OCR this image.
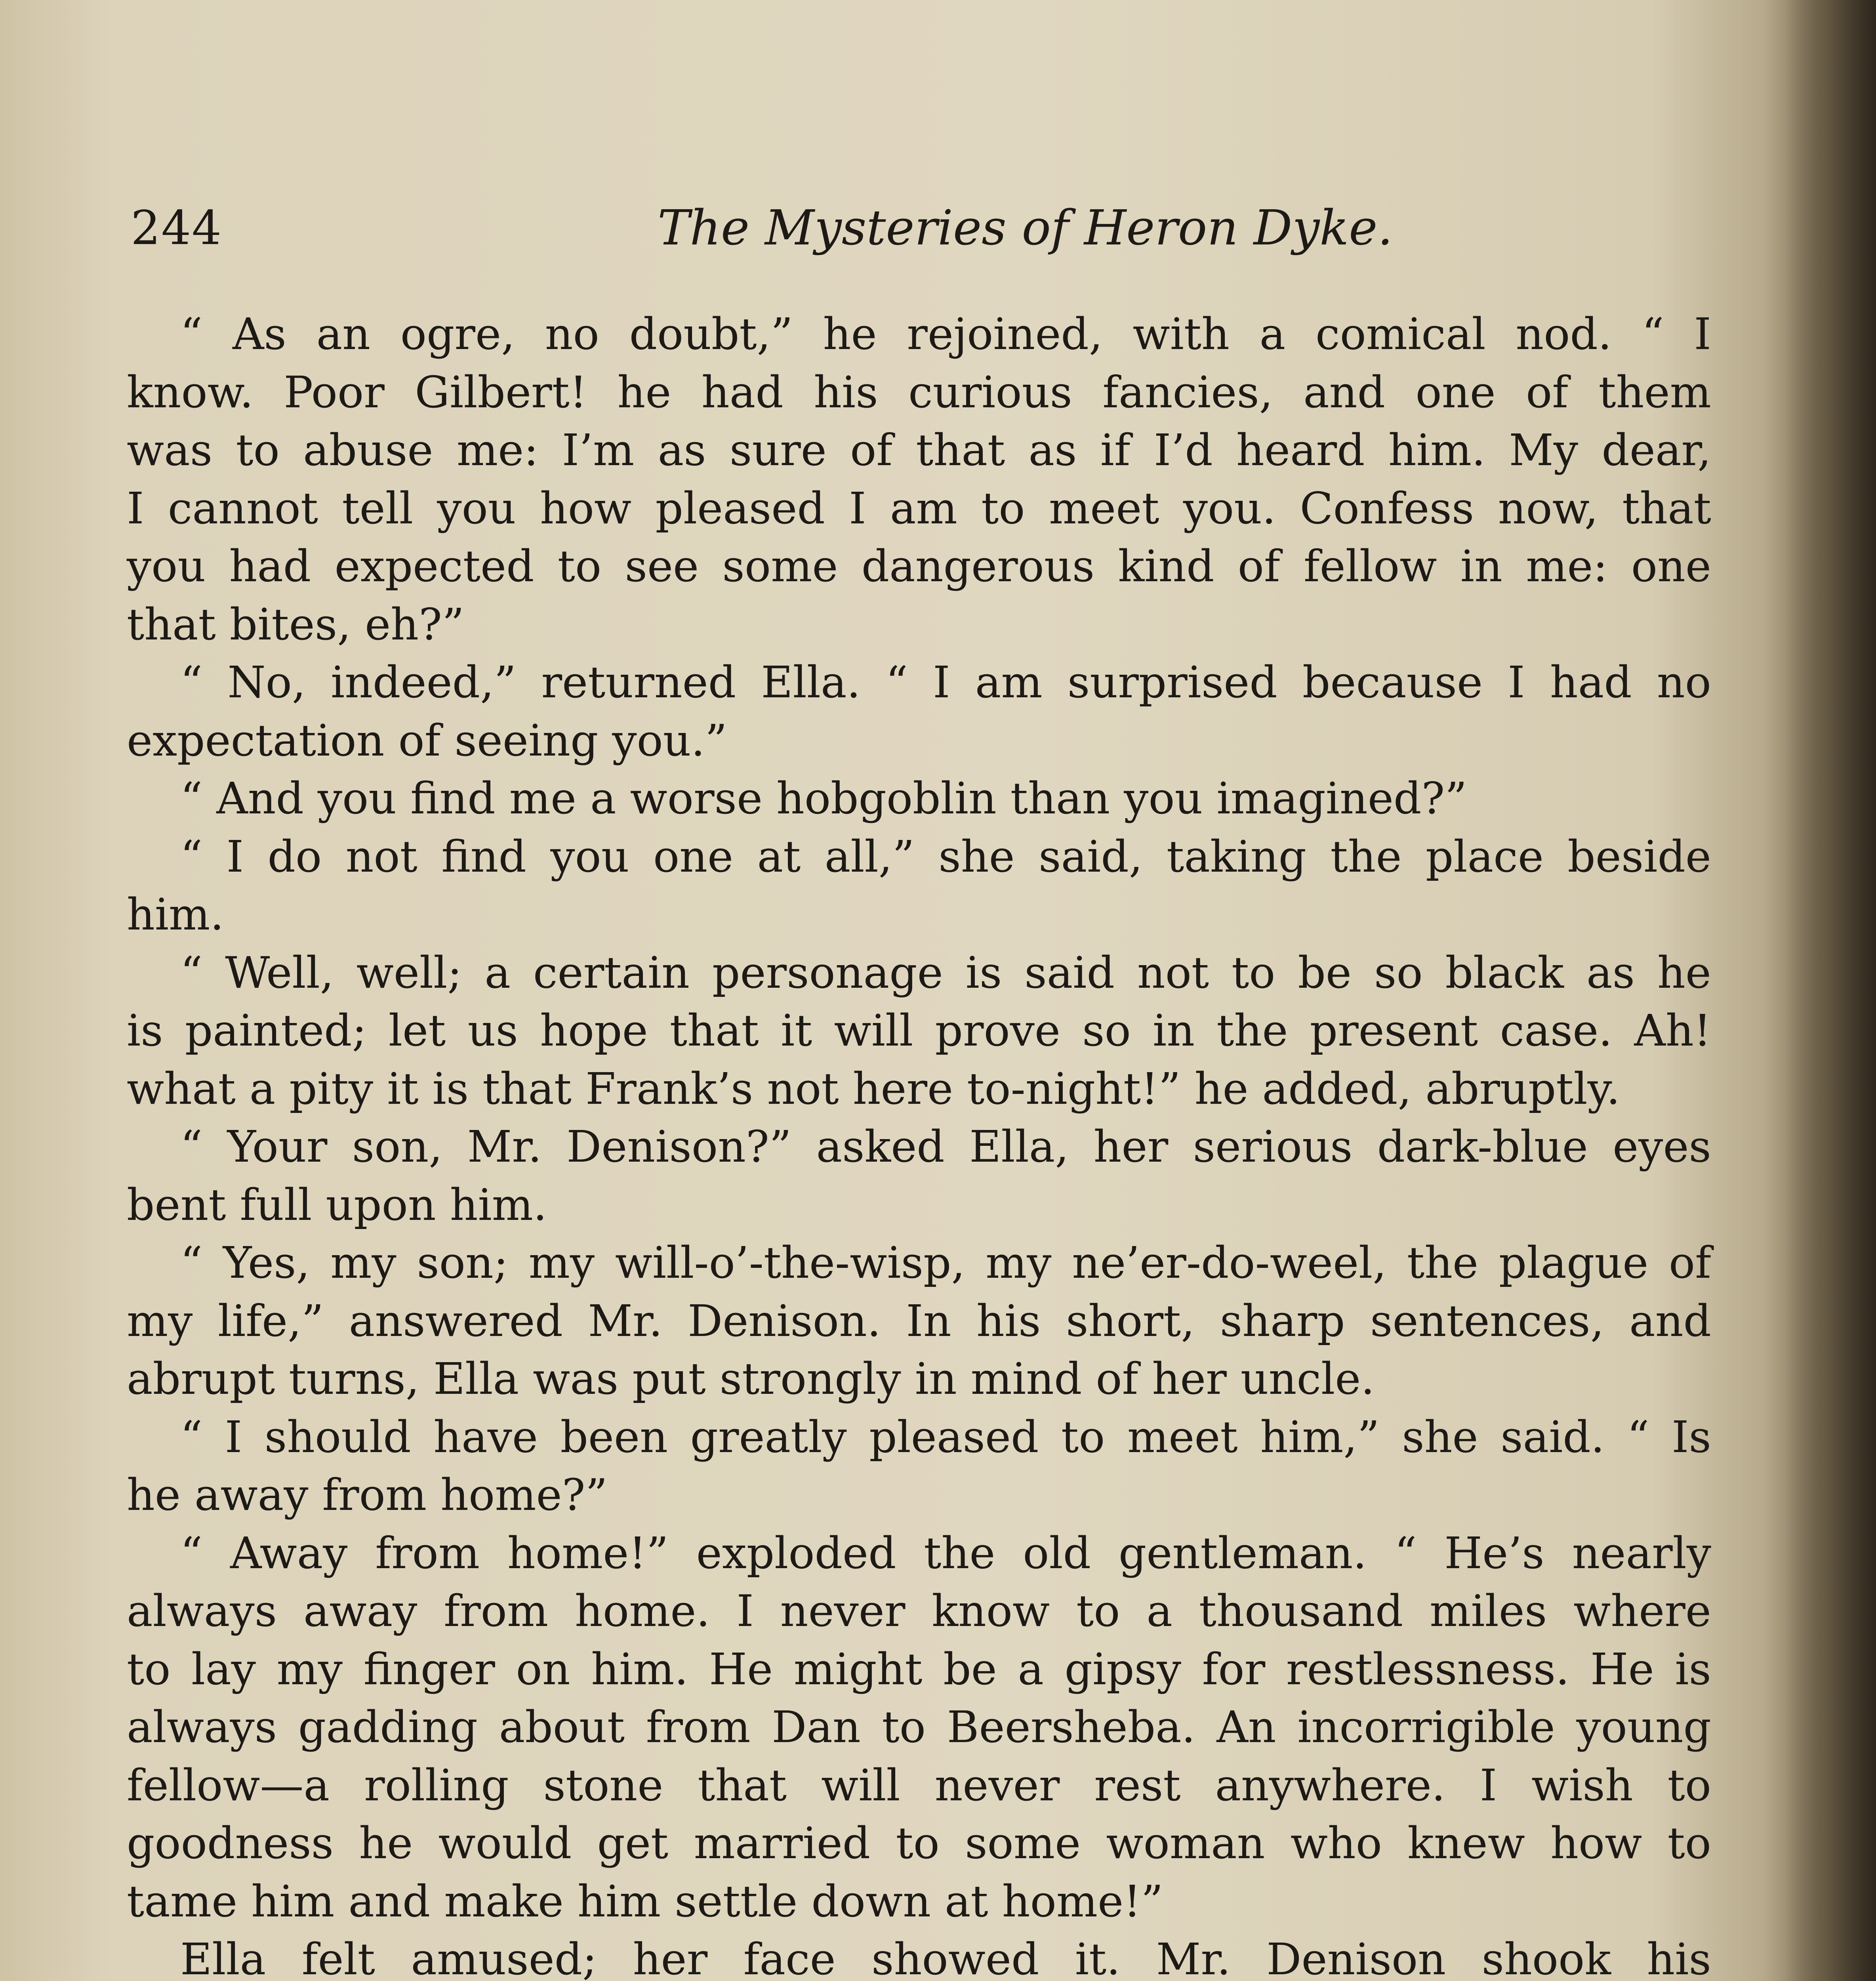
244	The Mysteries of Heron Dyke.
“ As an ogre, no doubt,” he rejoined, with a comical nod. “ I
know. Poor Gilbert! he had his curious fancies, and one of them
was to abuse me: I’m as sure of that as if I’d heard him. My dear,
I cannot tell you how pleased I am to meet you. Confess now, that
you had expected to see some dangerous kind of fellow in me: one
that bites, eh?”
“ No, indeed,” returned Ella. “ I am surprised because I had no
expectation of seeing you.”
“ And you find me a worse hobgoblin than you imagined?”
“ I do not find you one at all,” she said, taking the place beside
him.
“ Well, well; a certain personage is said not to be so black as he
is painted; let us hope that it will prove so in the present case. Ah!
what a pity it is that Frank’s not here to-night!” he added, abruptly.
“ Your son, Mr. Denison?” asked Ella, her serious dark-blue eyes
bent full upon him.
“ Yes, my son; my will-o’-the-wisp, my ne’er-do-weel, the plague of
my life,” answered Mr. Denison. In his short, sharp sentences, and
abrupt turns, Ella was put strongly in mind of her uncle.
“ I should have been greatly pleased to meet him,” she said. “ Is
he away from home?”
“ Away from home!” exploded the old gentleman. “ He’s nearly
always away from home. I never know to a thousand miles where
to lay my finger on him. He might be a gipsy for restlessness. He is
always gadding about from Dan to Beersheba. An incorrigible young
fellow—a rolling stone that will never rest anywhere. I wish to
goodness he would get married to some woman who knew how to
tame him and make him settle down at home!”
Ella felt amused; her face showed it. Mr. Denison shook his
